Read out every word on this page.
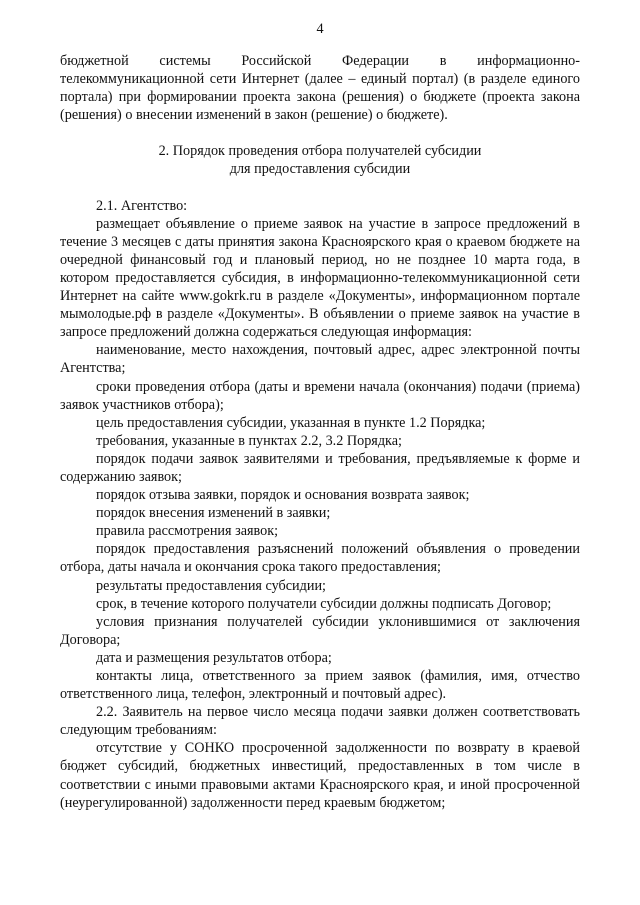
4

бюджетной системы Российской Федерации в информационно-телекоммуникационной сети Интернет (далее – единый портал) (в разделе единого портала) при формировании проекта закона (решения) о бюджете (проекта закона (решения) о внесении изменений в закон (решение) о бюджете).

2. Порядок проведения отбора получателей субсидии
для предоставления субсидии

2.1. Агентство:

размещает объявление о приеме заявок на участие в запросе предложений в течение 3 месяцев с даты принятия закона Красноярского края о краевом бюджете на очередной финансовый год и плановый период, но не позднее 10 марта года, в котором предоставляется субсидия, в информационно-телекоммуникационной сети Интернет на сайте www.gokrk.ru в разделе «Документы», информационном портале мымолодые.рф в разделе «Документы». В объявлении о приеме заявок на участие в запросе предложений должна содержаться следующая информация:

наименование, место нахождения, почтовый адрес, адрес электронной почты Агентства;

сроки проведения отбора (даты и времени начала (окончания) подачи (приема) заявок участников отбора);

цель предоставления субсидии, указанная в пункте 1.2 Порядка;

требования, указанные в пунктах 2.2, 3.2 Порядка;

порядок подачи заявок заявителями и требования, предъявляемые к форме и содержанию заявок;

порядок отзыва заявки, порядок и основания возврата заявок;

порядок внесения изменений в заявки;

правила рассмотрения заявок;

порядок предоставления разъяснений положений объявления о проведении отбора, даты начала и окончания срока такого предоставления;

результаты предоставления субсидии;

срок, в течение которого получатели субсидии должны подписать Договор;

условия признания получателей субсидии уклонившимися от заключения Договора;

дата и размещения результатов отбора;

контакты лица, ответственного за прием заявок (фамилия, имя, отчество ответственного лица, телефон, электронный и почтовый адрес).

2.2. Заявитель на первое число месяца подачи заявки должен соответствовать следующим требованиям:

отсутствие у СОНКО просроченной задолженности по возврату в краевой бюджет субсидий, бюджетных инвестиций, предоставленных в том числе в соответствии с иными правовыми актами Красноярского края, и иной просроченной (неурегулированной) задолженности перед краевым бюджетом;
